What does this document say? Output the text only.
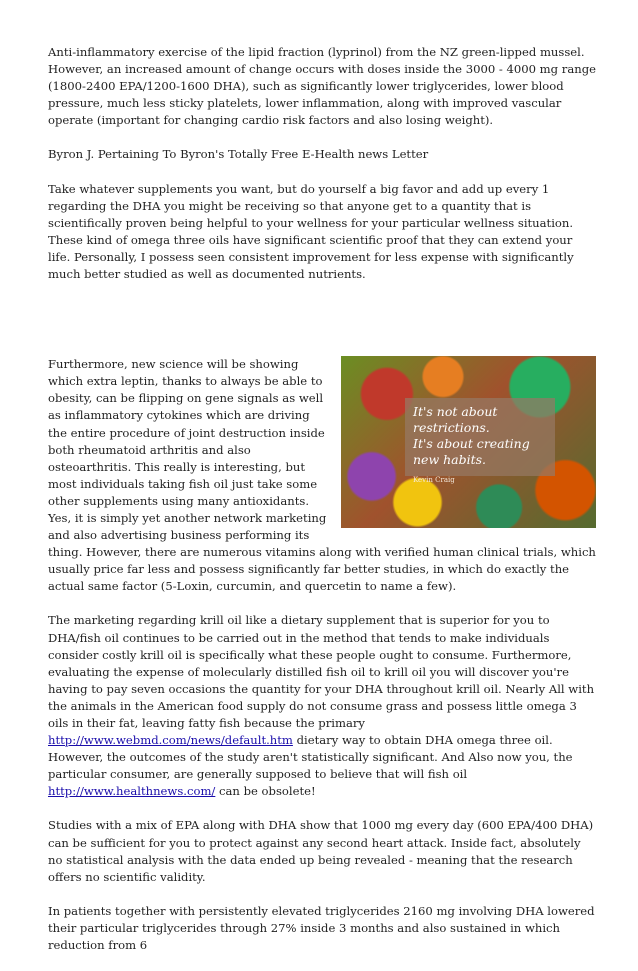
Anti-inflammatory exercise of the lipid fraction (lyprinol) from the NZ green-lipped mussel. However, an increased amount of change occurs with doses inside the 3000 - 4000 mg range (1800-2400 EPA/1200-1600 DHA), such as significantly lower triglycerides, lower blood pressure, much less sticky platelets, lower inflammation, along with improved vascular operate (important for changing cardio risk factors and also losing weight).

Byron J. Pertaining To Byron's Totally Free E-Health news Letter

Take whatever supplements you want, but do yourself a big favor and add up every 1 regarding the DHA you might be receiving so that anyone get to a quantity that is scientifically proven being helpful to your wellness for your particular wellness situation. These kind of omega three oils have significant scientific proof that they can extend your life. Personally, I possess seen consistent improvement for less expense with significantly much better studied as well as documented nutrients.

It's not about restrictions.
It's about creating new habits.
Kevin Craig

Furthermore, new science will be showing which extra leptin, thanks to always be able to obesity, can be flipping on gene signals as well as inflammatory cytokines which are driving the entire procedure of joint destruction inside both rheumatoid arthritis and also osteoarthritis. This really is interesting, but most individuals taking fish oil just take some other supplements using many antioxidants. Yes, it is simply yet another network marketing and also advertising business performing its thing. However, there are numerous vitamins along with verified human clinical trials, which usually price far less and possess significantly far better studies, in which do exactly the actual same factor (5-Loxin, curcumin, and quercetin to name a few).

The marketing regarding krill oil like a dietary supplement that is superior for you to DHA/fish oil continues to be carried out in the method that tends to make individuals consider costly krill oil is specifically what these people ought to consume. Furthermore, evaluating the expense of molecularly distilled fish oil to krill oil you will discover you're having to pay seven occasions the quantity for your DHA throughout krill oil. Nearly All with the animals in the American food supply do not consume grass and possess little omega 3 oils in their fat, leaving fatty fish because the primary http://www.webmd.com/news/default.htm dietary way to obtain DHA omega three oil. However, the outcomes of the study aren't statistically significant. And Also now you, the particular consumer, are generally supposed to believe that will fish oil http://www.healthnews.com/ can be obsolete!

Studies with a mix of EPA along with DHA show that 1000 mg every day (600 EPA/400 DHA) can be sufficient for you to protect against any second heart attack. Inside fact, absolutely no statistical analysis with the data ended up being revealed - meaning that the research offers no scientific validity.

In patients together with persistently elevated triglycerides 2160 mg involving DHA lowered their particular triglycerides through 27% inside 3 months and also sustained in which reduction from 6
